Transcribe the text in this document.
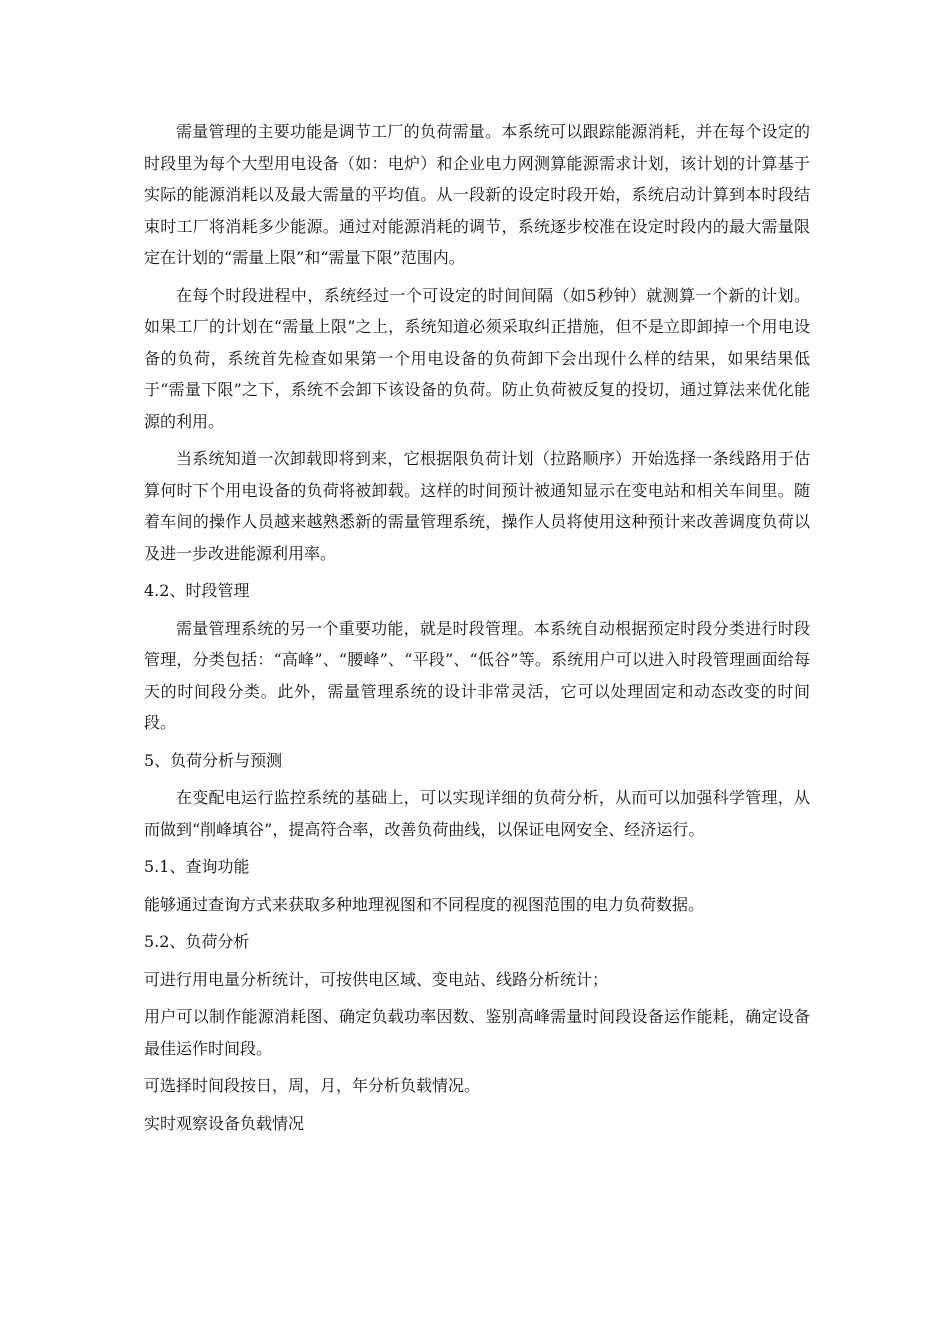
需量管理的主要功能是调节工厂的负荷需量。本系统可以跟踪能源消耗，并在每个设定的时段里为每个大型用电设备（如：电炉）和企业电力网测算能源需求计划，该计划的计算基于实际的能源消耗以及最大需量的平均值。从一段新的设定时段开始，系统启动计算到本时段结束时工厂将消耗多少能源。通过对能源消耗的调节，系统逐步校准在设定时段内的最大需量限定在计划的“需量上限”和“需量下限”范围内。

在每个时段进程中，系统经过一个可设定的时间间隔（如5秒钟）就测算一个新的计划。如果工厂的计划在“需量上限”之上，系统知道必须采取纠正措施，但不是立即卸掉一个用电设备的负荷，系统首先检查如果第一个用电设备的负荷卸下会出现什么样的结果，如果结果低于“需量下限”之下，系统不会卸下该设备的负荷。防止负荷被反复的投切，通过算法来优化能源的利用。

当系统知道一次卸载即将到来，它根据限负荷计划（拉路顺序）开始选择一条线路用于估算何时下个用电设备的负荷将被卸载。这样的时间预计被通知显示在变电站和相关车间里。随着车间的操作人员越来越熟悉新的需量管理系统，操作人员将使用这种预计来改善调度负荷以及进一步改进能源利用率。

4.2、时段管理

需量管理系统的另一个重要功能，就是时段管理。本系统自动根据预定时段分类进行时段管理，分类包括：“高峰”、“腰峰”、“平段”、“低谷”等。系统用户可以进入时段管理画面给每天的时间段分类。此外，需量管理系统的设计非常灵活，它可以处理固定和动态改变的时间段。

5、负荷分析与预测

在变配电运行监控系统的基础上，可以实现详细的负荷分析，从而可以加强科学管理，从而做到“削峰填谷”，提高符合率，改善负荷曲线，以保证电网安全、经济运行。

5.1、查询功能

能够通过查询方式来获取多种地理视图和不同程度的视图范围的电力负荷数据。

5.2、负荷分析

可进行用电量分析统计，可按供电区域、变电站、线路分析统计；

用户可以制作能源消耗图、确定负载功率因数、鉴别高峰需量时间段设备运作能耗，确定设备最佳运作时间段。

可选择时间段按日，周，月，年分析负载情况。

实时观察设备负载情况
